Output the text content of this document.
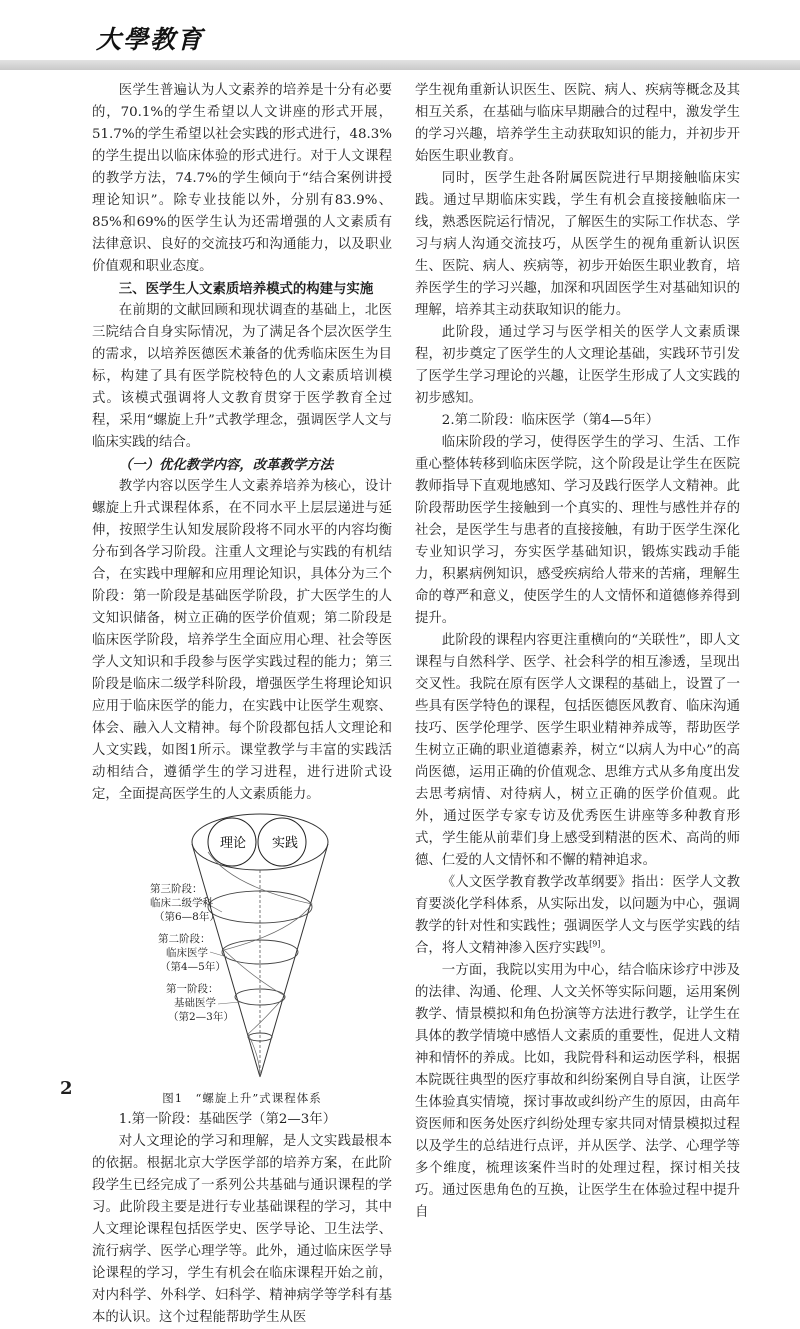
大學教育

医学生普遍认为人文素养的培养是十分有必要的，70.1%的学生希望以人文讲座的形式开展，51.7%的学生希望以社会实践的形式进行，48.3%的学生提出以临床体验的形式进行。对于人文课程的教学方法，74.7%的学生倾向于“结合案例讲授理论知识”。除专业技能以外，分别有83.9%、85%和69%的医学生认为还需增强的人文素质有法律意识、良好的交流技巧和沟通能力，以及职业价值观和职业态度。

三、医学生人文素质培养模式的构建与实施

在前期的文献回顾和现状调查的基础上，北医三院结合自身实际情况，为了满足各个层次医学生的需求，以培养医德医术兼备的优秀临床医生为目标，构建了具有医学院校特色的人文素质培训模式。该模式强调将人文教育贯穿于医学教育全过程，采用“螺旋上升”式教学理念，强调医学人文与临床实践的结合。

（一）优化教学内容，改革教学方法

教学内容以医学生人文素养培养为核心，设计螺旋上升式课程体系，在不同水平上层层递进与延伸，按照学生认知发展阶段将不同水平的内容均衡分布到各学习阶段。注重人文理论与实践的有机结合，在实践中理解和应用理论知识，具体分为三个阶段：第一阶段是基础医学阶段，扩大医学生的人文知识储备，树立正确的医学价值观；第二阶段是临床医学阶段，培养学生全面应用心理、社会等医学人文知识和手段参与医学实践过程的能力；第三阶段是临床二级学科阶段，增强医学生将理论知识应用于临床医学的能力，在实践中让医学生观察、体会、融入人文精神。每个阶段都包括人文理论和人文实践，如图1所示。课堂教学与丰富的实践活动相结合，遵循学生的学习进程，进行进阶式设定，全面提高医学生的人文素质能力。

理论 实践
第三阶段：
临床二级学科
（第6—8年）
第二阶段：
临床医学
（第4—5年）
第一阶段：
基础医学
（第2—3年）

图1　“螺旋上升”式课程体系

1.第一阶段：基础医学（第2—3年）

对人文理论的学习和理解，是人文实践最根本的依据。根据北京大学医学部的培养方案，在此阶段学生已经完成了一系列公共基础与通识课程的学习。此阶段主要是进行专业基础课程的学习，其中人文理论课程包括医学史、医学导论、卫生法学、流行病学、医学心理学等。此外，通过临床医学导论课程的学习，学生有机会在临床课程开始之前，对内科学、外科学、妇科学、精神病学等学科有基本的认识。这个过程能帮助学生从医

学生视角重新认识医生、医院、病人、疾病等概念及其相互关系，在基础与临床早期融合的过程中，激发学生的学习兴趣，培养学生主动获取知识的能力，并初步开始医生职业教育。

同时，医学生赴各附属医院进行早期接触临床实践。通过早期临床实践，学生有机会直接接触临床一线，熟悉医院运行情况，了解医生的实际工作状态、学习与病人沟通交流技巧，从医学生的视角重新认识医生、医院、病人、疾病等，初步开始医生职业教育，培养医学生的学习兴趣，加深和巩固医学生对基础知识的理解，培养其主动获取知识的能力。

此阶段，通过学习与医学相关的医学人文素质课程，初步奠定了医学生的人文理论基础，实践环节引发了医学生学习理论的兴趣，让医学生形成了人文实践的初步感知。

2.第二阶段：临床医学（第4—5年）

临床阶段的学习，使得医学生的学习、生活、工作重心整体转移到临床医学院，这个阶段是让学生在医院教师指导下直观地感知、学习及践行医学人文精神。此阶段帮助医学生接触到一个真实的、理性与感性并存的社会，是医学生与患者的直接接触，有助于医学生深化专业知识学习，夯实医学基础知识，锻炼实践动手能力，积累病例知识，感受疾病给人带来的苦痛，理解生命的尊严和意义，使医学生的人文情怀和道德修养得到提升。

此阶段的课程内容更注重横向的“关联性”，即人文课程与自然科学、医学、社会科学的相互渗透，呈现出交叉性。我院在原有医学人文课程的基础上，设置了一些具有医学特色的课程，包括医德医风教育、临床沟通技巧、医学伦理学、医学生职业精神养成等，帮助医学生树立正确的职业道德素养，树立“以病人为中心”的高尚医德，运用正确的价值观念、思维方式从多角度出发去思考病情、对待病人，树立正确的医学价值观。此外，通过医学专家专访及优秀医生讲座等多种教育形式，学生能从前辈们身上感受到精湛的医术、高尚的师德、仁爱的人文情怀和不懈的精神追求。

《人文医学教育教学改革纲要》指出：医学人文教育要淡化学科体系，从实际出发，以问题为中心，强调教学的针对性和实践性；强调医学人文与医学实践的结合，将人文精神渗入医疗实践[9]。

一方面，我院以实用为中心，结合临床诊疗中涉及的法律、沟通、伦理、人文关怀等实际问题，运用案例教学、情景模拟和角色扮演等方法进行教学，让学生在具体的教学情境中感悟人文素质的重要性，促进人文精神和情怀的养成。比如，我院骨科和运动医学科，根据本院既往典型的医疗事故和纠纷案例自导自演，让医学生体验真实情境，探讨事故或纠纷产生的原因，由高年资医师和医务处医疗纠纷处理专家共同对情景模拟过程以及学生的总结进行点评，并从医学、法学、心理学等多个维度，梳理该案件当时的处理过程，探讨相关技巧。通过医患角色的互换，让医学生在体验过程中提升自

2
